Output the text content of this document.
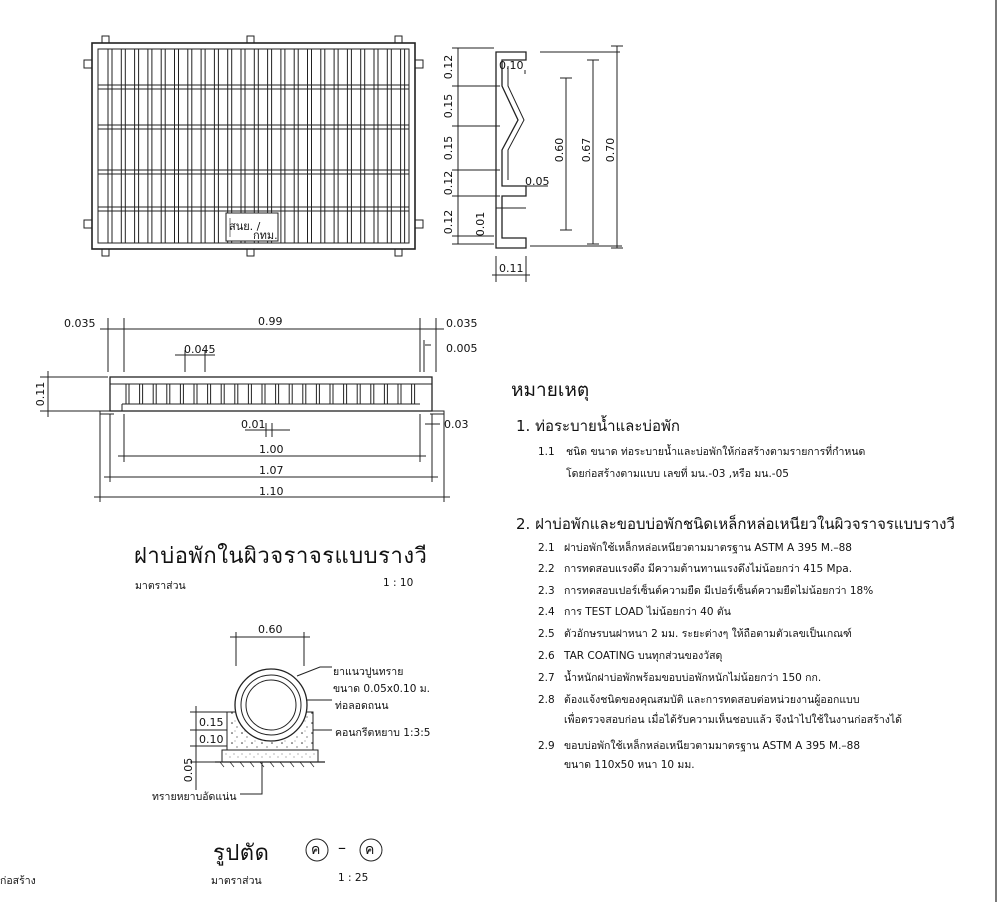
สนย. /
กทม.
0.12
0.15
0.15
0.12
0.12 0.01
0.10
0.05
0.11
0.60 0.67 0.70
0.035	0.99	0.035
0.005
0.045
0.11
0.01	0.03
1.00
1.07
1.10
0.60
0.15
0.10
0.05
ฝาบ่อพักในผิวจราจรแบบรางวี
มาตราส่วน	1 : 10
ยาแนวปูนทราย
ขนาด 0.05x0.10 ม.
ท่อลอดถนน
คอนกรีตหยาบ 1:3:5
ทรายหยาบอัดแน่น
รูปตัด	ค – ค
มาตราส่วน	1 : 25
ก่อสร้าง
หมายเหตุ
1. ท่อระบายน้ำและบ่อพัก
1.1 ชนิด ขนาด ท่อระบายน้ำและบ่อพักให้ก่อสร้างตามรายการที่กำหนด
โดยก่อสร้างตามแบบ เลขที่ มน.-03 ,หรือ มน.-05
2. ฝาบ่อพักและขอบบ่อพักชนิดเหล็กหล่อเหนียวในผิวจราจรแบบรางวี
2.1 ฝาบ่อพักใช้เหล็กหล่อเหนียวตามมาตรฐาน ASTM A 395 M.–88
2.2 การทดสอบแรงดึง มีความต้านทานแรงดึงไม่น้อยกว่า 415 Mpa.
2.3 การทดสอบเปอร์เซ็นต์ความยืด มีเปอร์เซ็นต์ความยืดไม่น้อยกว่า 18%
2.4 การ TEST LOAD ไม่น้อยกว่า 40 ตัน
2.5 ตัวอักษรบนฝาหนา 2 มม. ระยะต่างๆ ให้ถือตามตัวเลขเป็นเกณฑ์
2.6 TAR COATING บนทุกส่วนของวัสดุ
2.7 น้ำหนักฝาบ่อพักพร้อมขอบบ่อพักหนักไม่น้อยกว่า 150 กก.
2.8 ต้องแจ้งชนิดของคุณสมบัติ และการทดสอบต่อหน่วยงานผู้ออกแบบ
เพื่อตรวจสอบก่อน เมื่อได้รับความเห็นชอบแล้ว จึงนำไปใช้ในงานก่อสร้างได้
2.9 ขอบบ่อพักใช้เหล็กหล่อเหนียวตามมาตรฐาน ASTM A 395 M.–88
ขนาด 110x50 หนา 10 มม.
